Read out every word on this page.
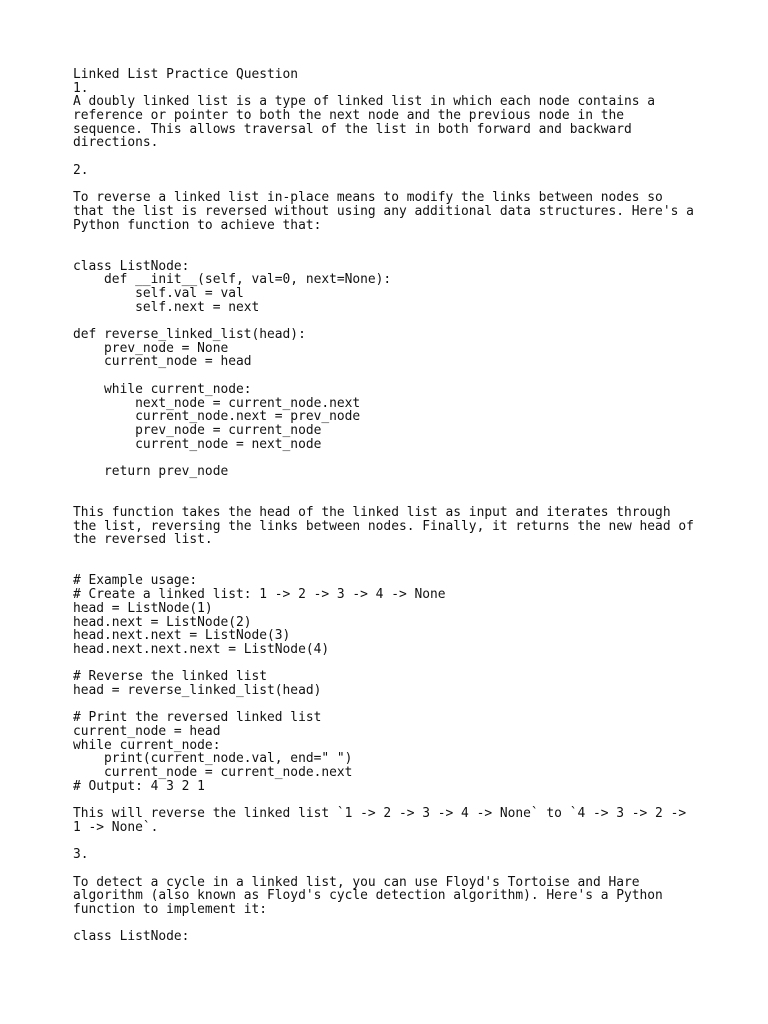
Linked List Practice Question
1.
A doubly linked list is a type of linked list in which each node contains a
reference or pointer to both the next node and the previous node in the
sequence. This allows traversal of the list in both forward and backward
directions.
2.
To reverse a linked list in-place means to modify the links between nodes so
that the list is reversed without using any additional data structures. Here's a
Python function to achieve that:
class ListNode:
def __init__(self, val=0, next=None):
self.val = val
self.next = next
def reverse_linked_list(head):
prev_node = None
current_node = head
while current_node:
next_node = current_node.next
current_node.next = prev_node
prev_node = current_node
current_node = next_node
return prev_node
This function takes the head of the linked list as input and iterates through
the list, reversing the links between nodes. Finally, it returns the new head of
the reversed list.
# Example usage:
# Create a linked list: 1 -> 2 -> 3 -> 4 -> None
head = ListNode(1)
head.next = ListNode(2)
head.next.next = ListNode(3)
head.next.next.next = ListNode(4)
# Reverse the linked list
head = reverse_linked_list(head)
# Print the reversed linked list
current_node = head
while current_node:
print(current_node.val, end=" ")
current_node = current_node.next
# Output: 4 3 2 1
This will reverse the linked list `1 -> 2 -> 3 -> 4 -> None` to `4 -> 3 -> 2 ->
1 -> None`.
3.
To detect a cycle in a linked list, you can use Floyd's Tortoise and Hare
algorithm (also known as Floyd's cycle detection algorithm). Here's a Python
function to implement it:
class ListNode:
